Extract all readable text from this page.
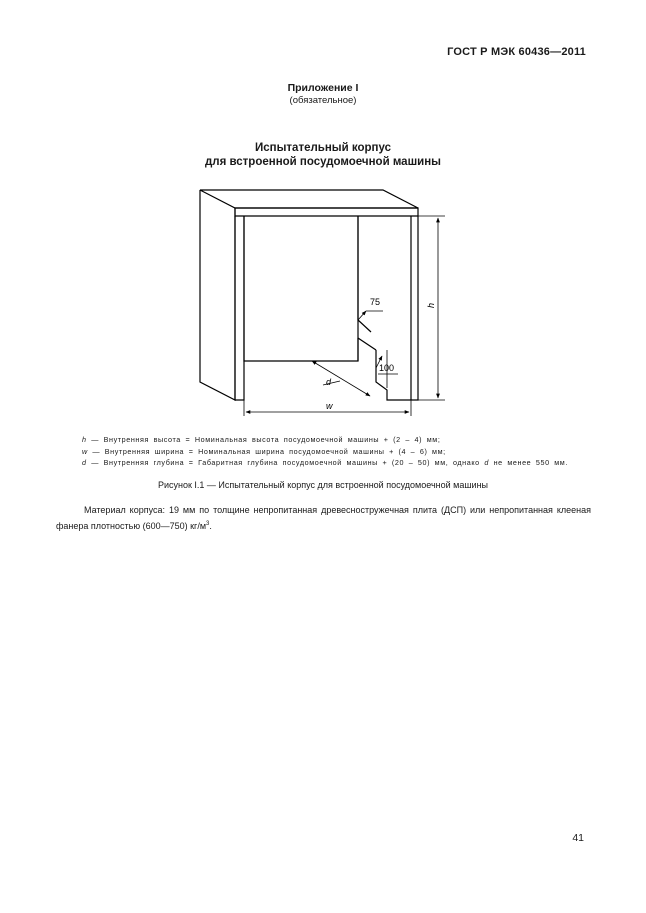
ГОСТ Р МЭК 60436—2011
Приложение I
(обязательное)
Испытательный корпус
для встроенной посудомоечной машины
75
100
h
w
d
h — Внутренняя высота = Номинальная высота посудомоечной машины + (2 – 4) мм;
w — Внутренняя ширина = Номинальная ширина посудомоечной машины + (4 – 6) мм;
d — Внутренняя глубина = Габаритная глубина посудомоечной машины + (20 – 50) мм, однако d не менее 550 мм.
Рисунок I.1 — Испытательный корпус для встроенной посудомоечной машины
Материал корпуса: 19 мм по толщине непропитанная древесностружечная плита (ДСП) или непропитанная клееная фанера плотностью (600—750) $кг/м^3$.
41
